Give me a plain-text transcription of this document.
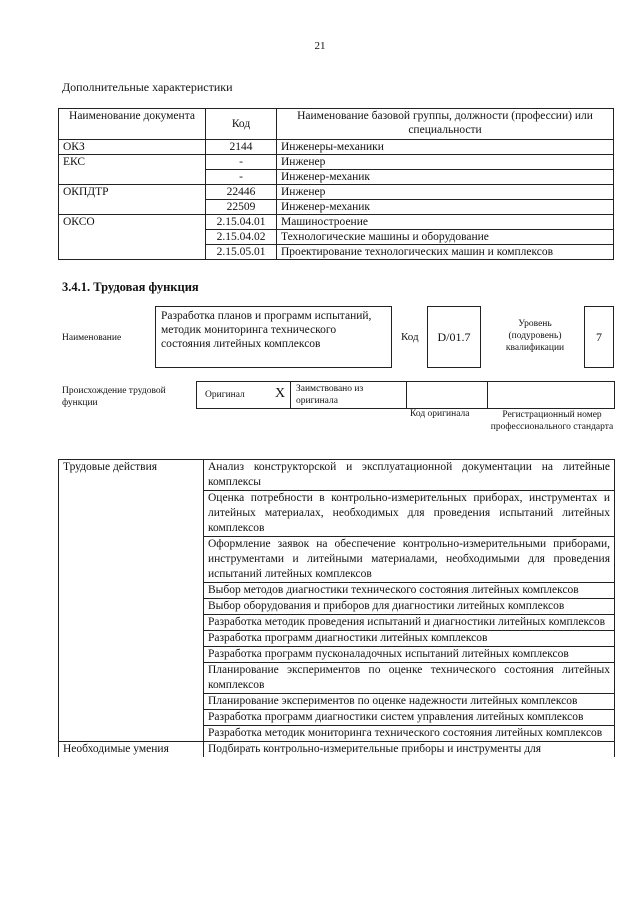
21
Дополнительные характеристики
Наименование документа	Код	Наименование базовой группы, должности (профессии) или специальности
ОКЗ	2144	Инженеры-механики
ЕКС	-	Инженер
	-	Инженер-механик
ОКПДТР	22446	Инженер
	22509	Инженер-механик
ОКСО	2.15.04.01	Машиностроение
	2.15.04.02	Технологические машины и оборудование
	2.15.05.01	Проектирование технологических машин и комплексов
3.4.1. Трудовая функция
Наименование
Разработка планов и программ испытаний, методик мониторинга технического состояния литейных комплексов
Код	D/01.7
Уровень (подуровень) квалификации
7
Происхождение трудовой функции
Оригинал X Заимствовано из оригинала
Код оригинала	Регистрационный номер профессионального стандарта
Трудовые действия	Анализ конструкторской и эксплуатационной документации на литейные комплексы
	Оценка потребности в контрольно-измерительных приборах, инструментах и литейных материалах, необходимых для проведения испытаний литейных комплексов
	Оформление заявок на обеспечение контрольно-измерительными приборами, инструментами и литейными материалами, необходимыми для проведения испытаний литейных комплексов
	Выбор методов диагностики технического состояния литейных комплексов
	Выбор оборудования и приборов для диагностики литейных комплексов
	Разработка методик проведения испытаний и диагностики литейных комплексов
	Разработка программ диагностики литейных комплексов
	Разработка программ пусконаладочных испытаний литейных комплексов
	Планирование экспериментов по оценке технического состояния литейных комплексов
	Планирование экспериментов по оценке надежности литейных комплексов
	Разработка программ диагностики систем управления литейных комплексов
	Разработка методик мониторинга технического состояния литейных комплексов
Необходимые умения	Подбирать контрольно-измерительные приборы и инструменты для
